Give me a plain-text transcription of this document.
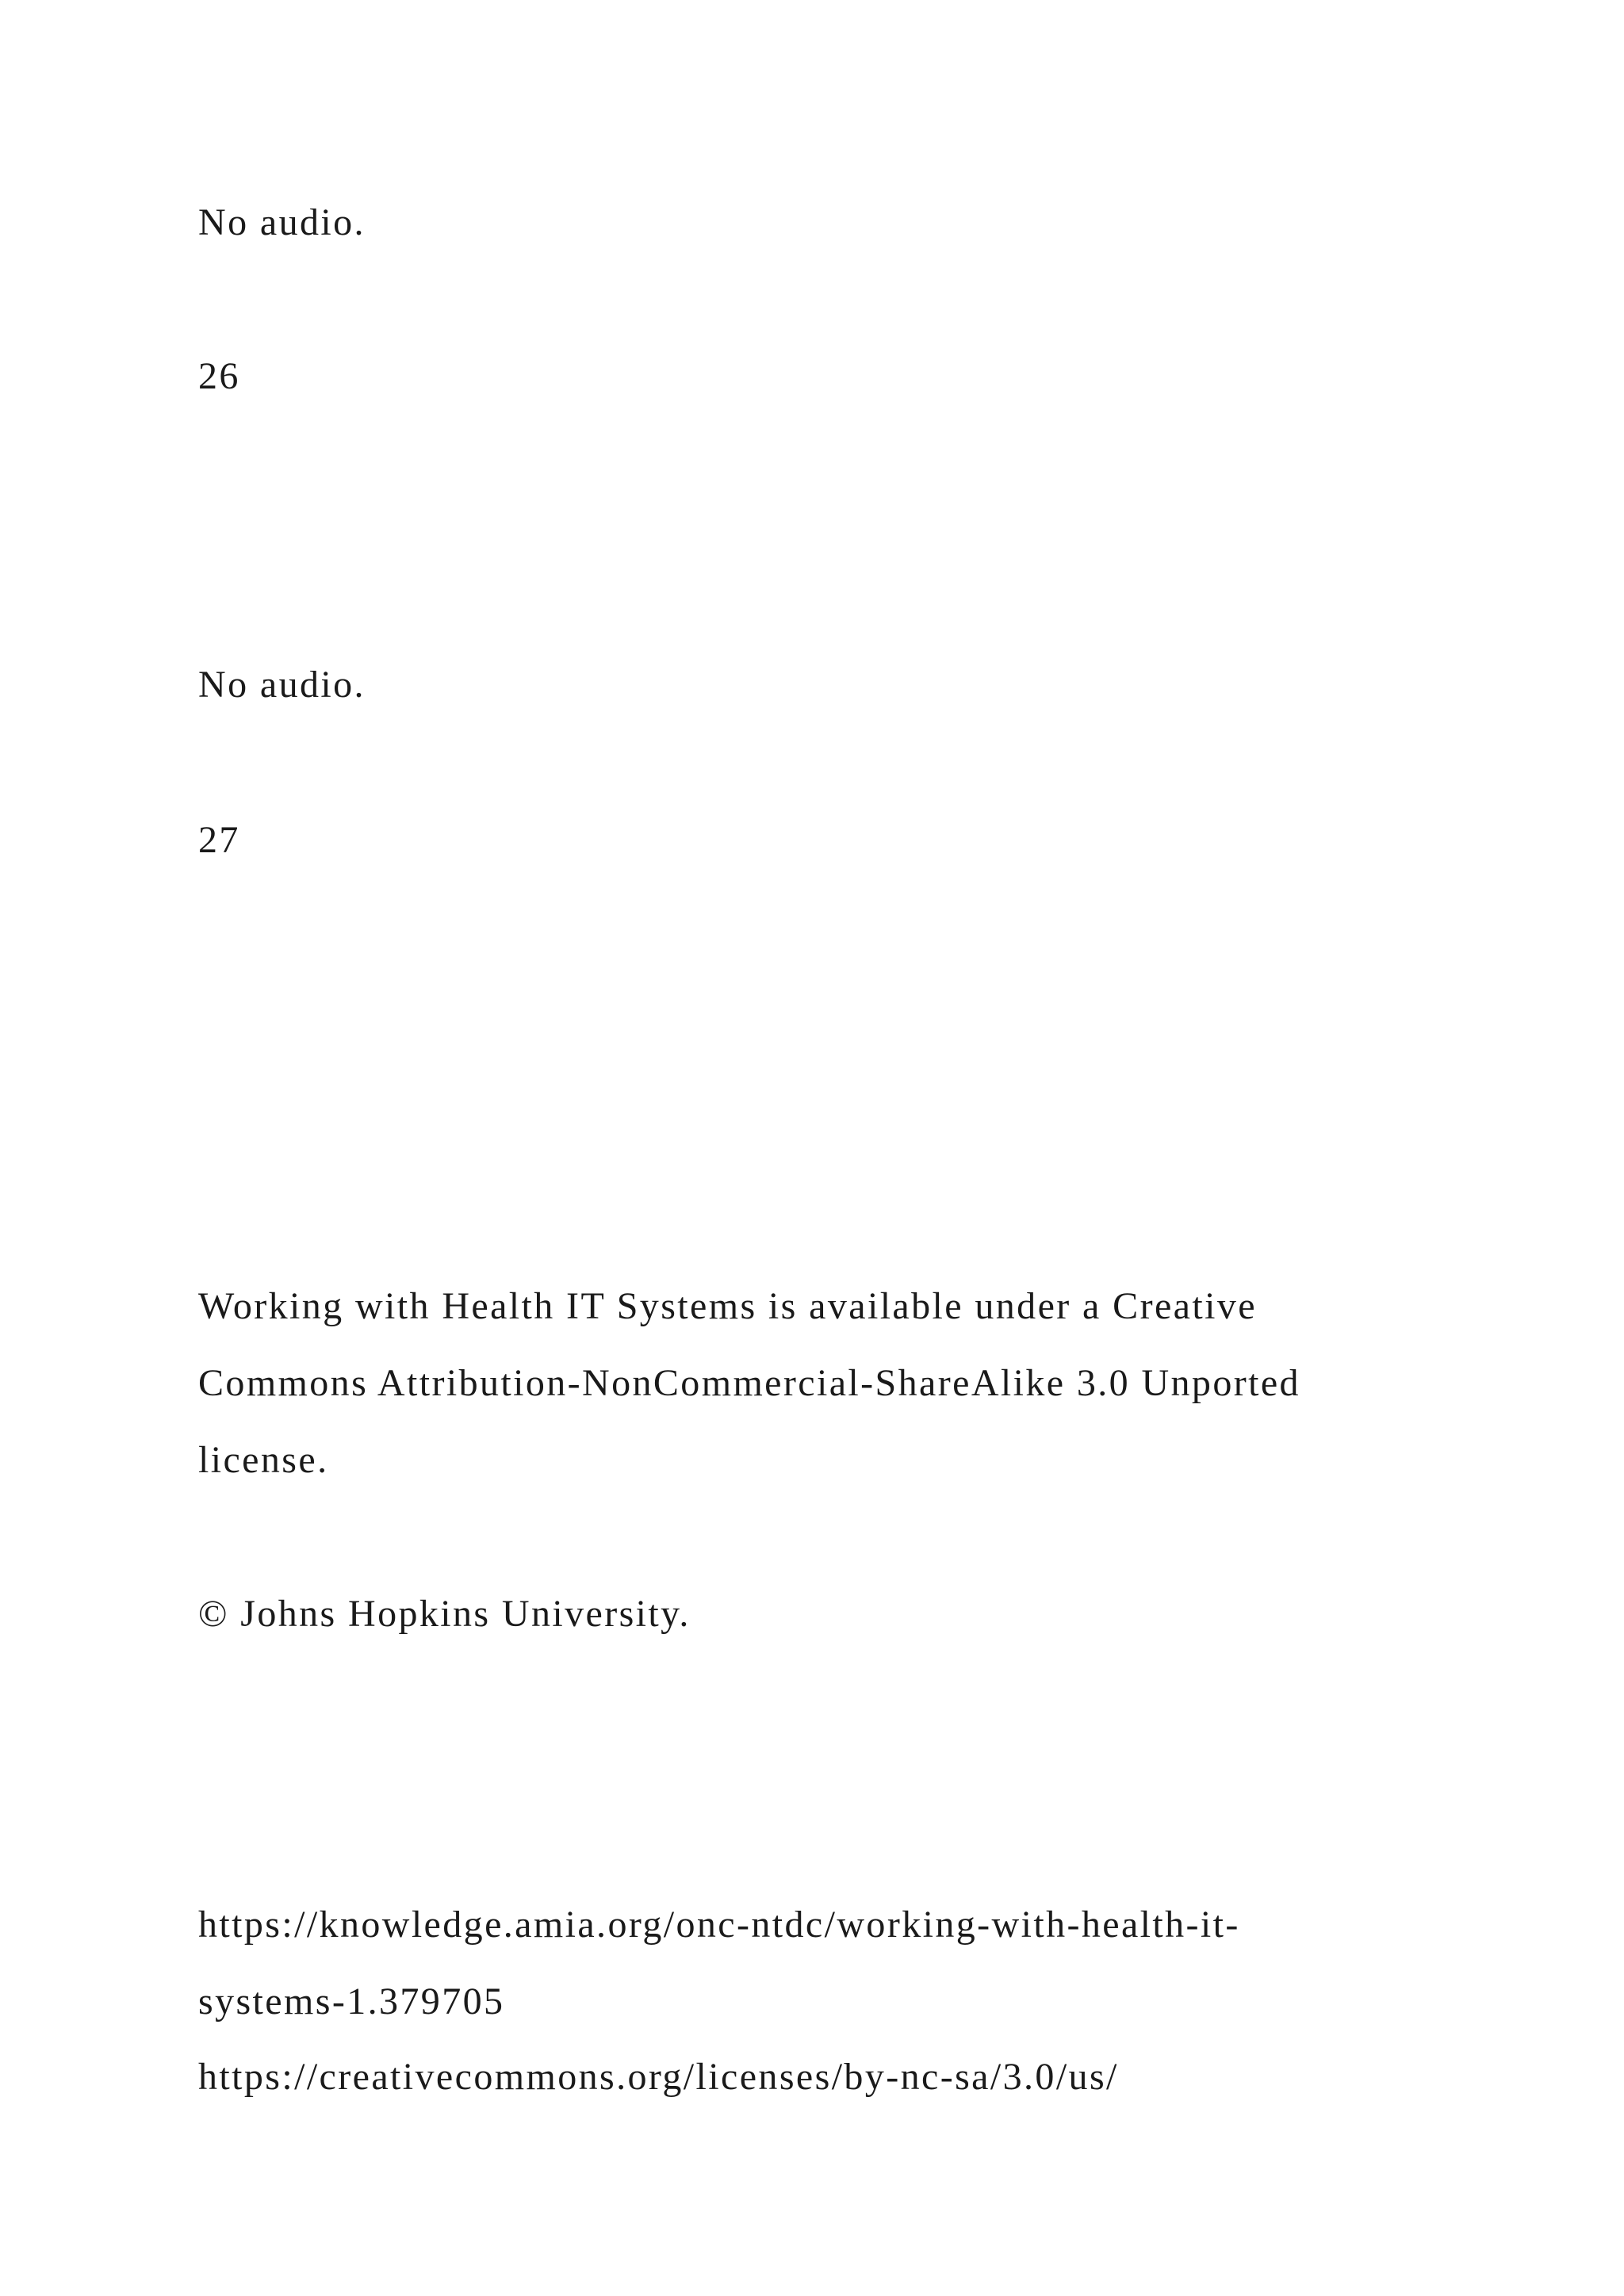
No audio.

26

No audio.

27

Working with Health IT Systems is available under a Creative

Commons Attribution-NonCommercial-ShareAlike 3.0 Unported

license.

© Johns Hopkins University.

https://knowledge.amia.org/onc-ntdc/working-with-health-it-

systems-1.379705

https://creativecommons.org/licenses/by-nc-sa/3.0/us/
